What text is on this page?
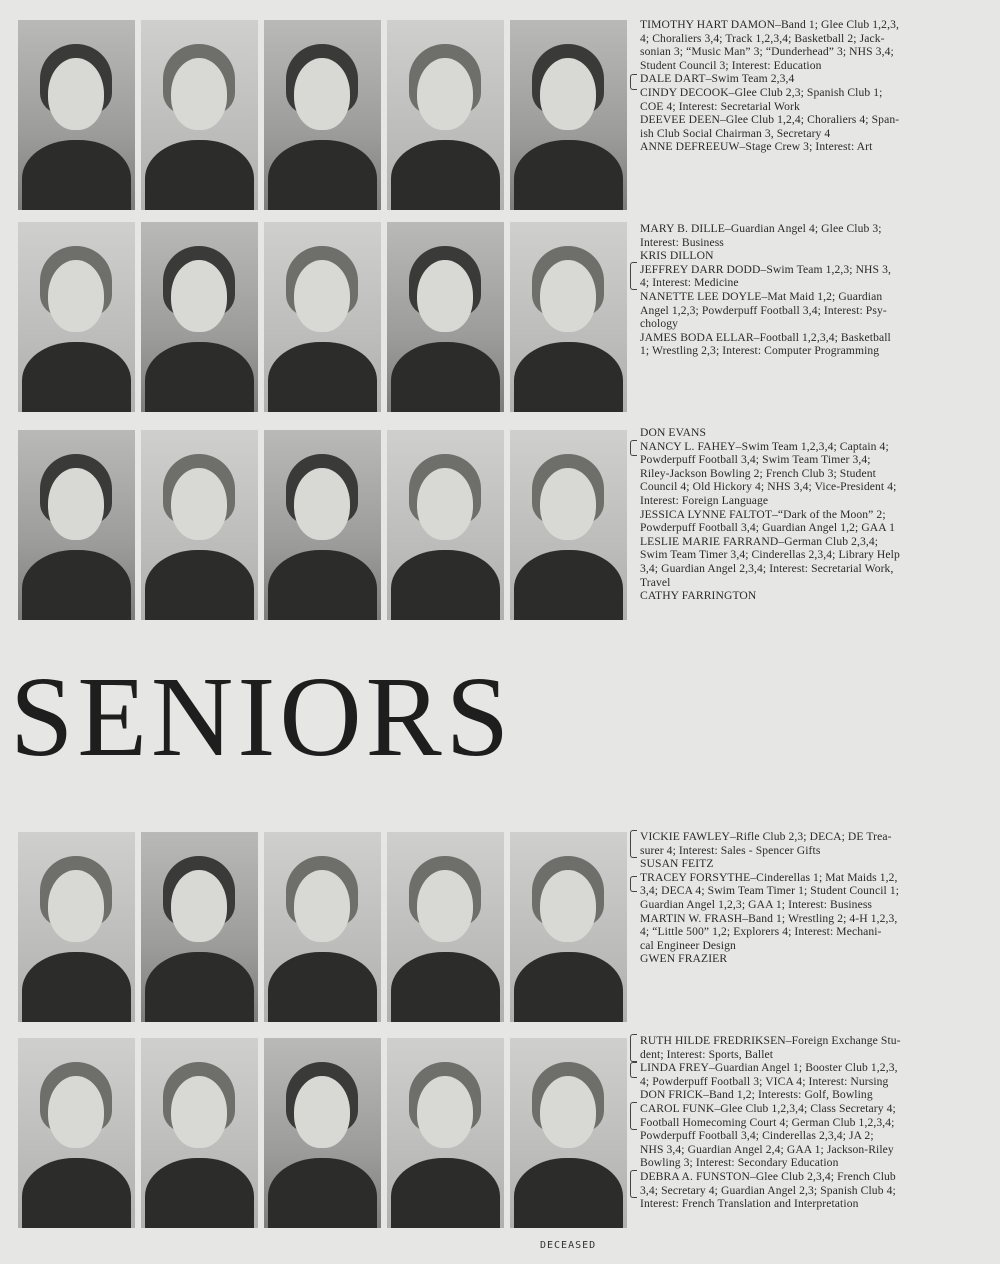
SENIORS

TIMOTHY HART DAMON–Band 1; Glee Club 1,2,3,

4; Choraliers 3,4; Track 1,2,3,4; Basketball 2; Jack-

sonian 3; “Music Man” 3; “Dunderhead” 3; NHS 3,4;

Student Council 3; Interest: Education

DALE DART–Swim Team 2,3,4

CINDY DECOOK–Glee Club 2,3; Spanish Club 1;

COE 4; Interest: Secretarial Work

DEEVEE DEEN–Glee Club 1,2,4; Choraliers 4; Span-

ish Club Social Chairman 3, Secretary 4

ANNE DEFREEUW–Stage Crew 3; Interest: Art

MARY B. DILLE–Guardian Angel 4; Glee Club 3;

Interest: Business

KRIS DILLON

JEFFREY DARR DODD–Swim Team 1,2,3; NHS 3,

4; Interest: Medicine

NANETTE LEE DOYLE–Mat Maid 1,2; Guardian

Angel 1,2,3; Powderpuff Football 3,4; Interest: Psy-

chology

JAMES BODA ELLAR–Football 1,2,3,4; Basketball

1; Wrestling 2,3; Interest: Computer Programming

DON EVANS

NANCY L. FAHEY–Swim Team 1,2,3,4; Captain 4;

Powderpuff Football 3,4; Swim Team Timer 3,4;

Riley-Jackson Bowling 2; French Club 3; Student

Council 4; Old Hickory 4; NHS 3,4; Vice-President 4;

Interest: Foreign Language

JESSICA LYNNE FALTOT–“Dark of the Moon” 2;

Powderpuff Football 3,4; Guardian Angel 1,2; GAA 1

LESLIE MARIE FARRAND–German Club 2,3,4;

Swim Team Timer 3,4; Cinderellas 2,3,4; Library Help

3,4; Guardian Angel 2,3,4; Interest: Secretarial Work,

Travel

CATHY FARRINGTON

VICKIE FAWLEY–Rifle Club 2,3; DECA; DE Trea-

surer 4; Interest: Sales - Spencer Gifts

SUSAN FEITZ

TRACEY FORSYTHE–Cinderellas 1; Mat Maids 1,2,

3,4; DECA 4; Swim Team Timer 1; Student Council 1;

Guardian Angel 1,2,3; GAA 1; Interest: Business

MARTIN W. FRASH–Band 1; Wrestling 2; 4-H 1,2,3,

4; “Little 500” 1,2; Explorers 4; Interest: Mechani-

cal Engineer Design

GWEN FRAZIER

RUTH HILDE FREDRIKSEN–Foreign Exchange Stu-

dent; Interest: Sports, Ballet

LINDA FREY–Guardian Angel 1; Booster Club 1,2,3,

4; Powderpuff Football 3; VICA 4; Interest: Nursing

DON FRICK–Band 1,2; Interests: Golf, Bowling

CAROL FUNK–Glee Club 1,2,3,4; Class Secretary 4;

Football Homecoming Court 4; German Club 1,2,3,4;

Powderpuff Football 3,4; Cinderellas 2,3,4; JA 2;

NHS 3,4; Guardian Angel 2,4; GAA 1; Jackson-Riley

Bowling 3; Interest: Secondary Education

DEBRA A. FUNSTON–Glee Club 2,3,4; French Club

3,4; Secretary 4; Guardian Angel 2,3; Spanish Club 4;

Interest: French Translation and Interpretation

DECEASED
